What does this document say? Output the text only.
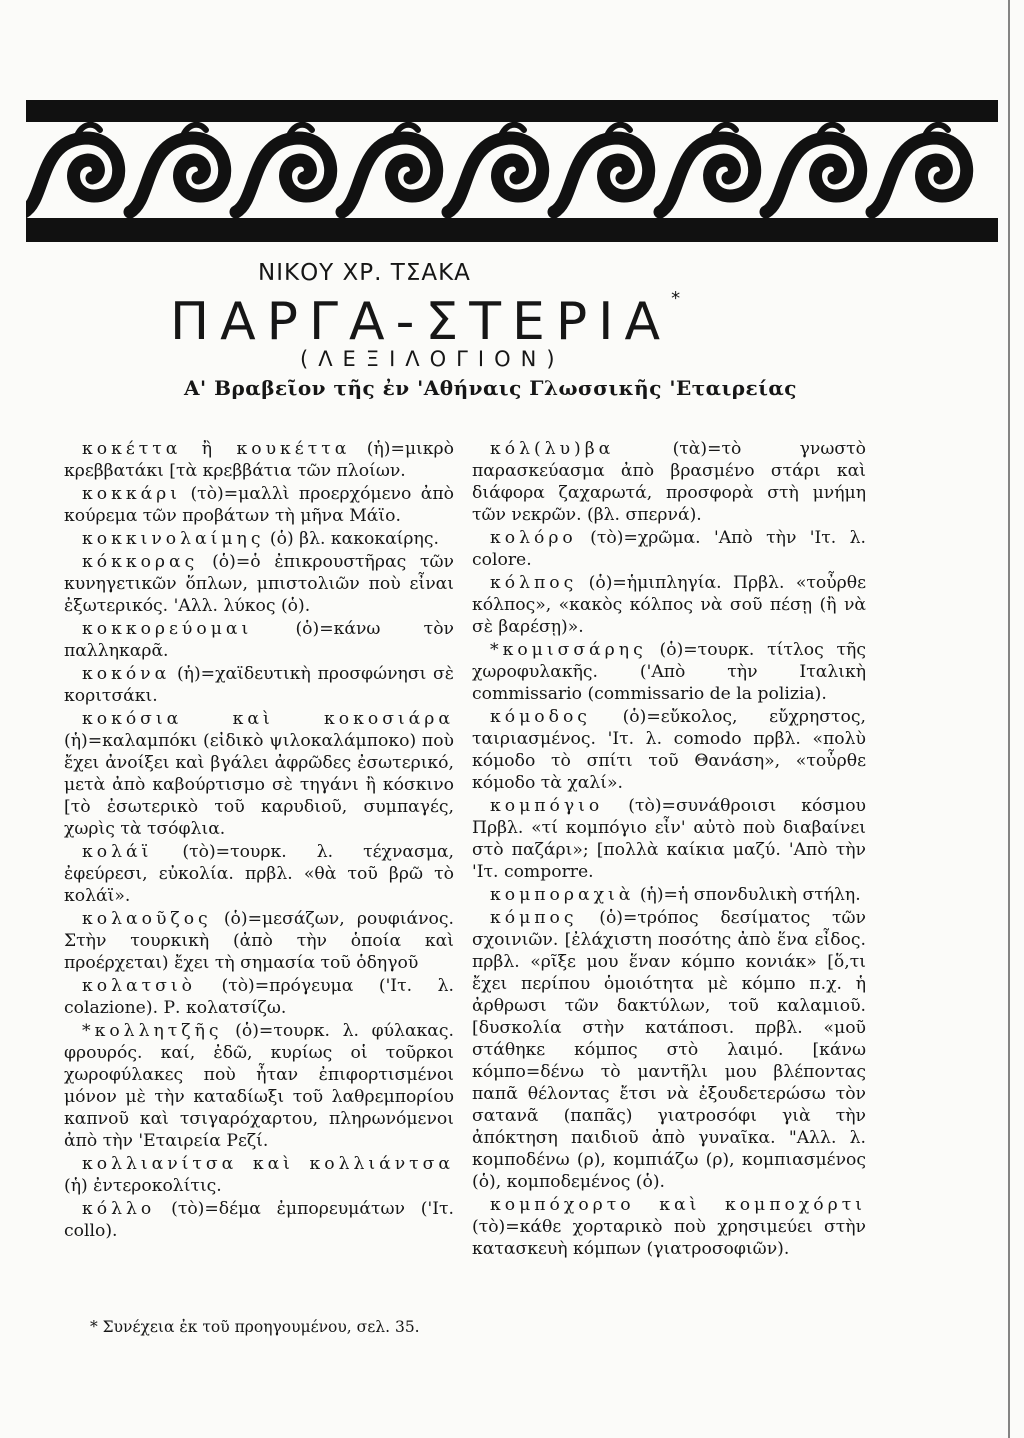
ΝΙΚΟΥ ΧΡ. ΤΣΑΚΑ
ΠΑΡΓΑ-ΣΤΕΡΙΑ*
(ΛΕΞΙΛΟΓΙΟΝ)
Α' Βραβεῖον τῆς ἐν 'Αθήναις Γλωσσικῆς 'Εταιρείας

κοκέττα ἢ κουκέττα (ἡ)=μικρὸ κρεββατάκι [τὰ κρεββάτια τῶν πλοίων.

κοκκάρι (τὸ)=μαλλὶ προερχόμενο ἀπὸ κούρεμα τῶν προβάτων τὴ μῆνα Μάϊο.

κοκκινολαίμης (ὁ) βλ. κακοκαίρης.

κόκκορας (ὁ)=ὁ ἐπικρουστῆρας τῶν κυνηγετικῶν ὅπλων, μπιστολιῶν ποὺ εἶναι ἐξωτερικός. 'Αλλ. λύκος (ὁ).

κοκκορεύομαι (ὁ)=κάνω τὸν παλληκαρᾶ.

κοκόνα (ἡ)=χαϊδευτικὴ προσφώνησι σὲ κοριτσάκι.

κοκόσια καὶ κοκοσιάρα (ἡ)=καλαμπόκι (εἰδικὸ ψιλοκαλάμποκο) ποὺ ἔχει ἀνοίξει καὶ βγάλει ἀφρῶδες ἐσωτερικό, μετὰ ἀπὸ καβούρτισμο σὲ τηγάνι ἢ κόσκινο [τὸ ἐσωτερικὸ τοῦ καρυδιοῦ, συμπαγές, χωρὶς τὰ τσόφλια.

κολάϊ (τὸ)=τουρκ. λ. τέχνασμα, ἐφεύρεσι, εὐκολία. πρβλ. «θὰ τοῦ βρῶ τὸ κολάϊ».

κολαοῦζος (ὁ)=μεσάζων, ρουφιάνος. Στὴν τουρκικὴ (ἀπὸ τὴν ὁποία καὶ προέρχεται) ἔχει τὴ σημασία τοῦ ὁδηγοῦ

κολατσιὸ (τὸ)=πρόγευμα ('Ιτ. λ. colazione). Ρ. κολατσίζω.

*κολλητζῆς (ὁ)=τουρκ. λ. φύλακας. φρουρός. καί, ἐδῶ, κυρίως οἱ τοῦρκοι χωροφύλακες ποὺ ἦταν ἐπιφορτισμένοι μόνον μὲ τὴν καταδίωξι τοῦ λαθρεμπορίου καπνοῦ καὶ τσιγαρόχαρτου, πληρωνόμενοι ἀπὸ τὴν 'Εταιρεία Ρεζί.

κολλιανίτσα καὶ κολλιάντσα (ἡ) ἐντερoκολίτις.

κόλλο (τὸ)=δέμα ἐμπορευμάτων ('Ιτ. collo).

κόλ(λυ)βα (τὰ)=τὸ γνωστὸ παρασκεύασμα ἀπὸ βρασμένο στάρι καὶ διάφορα ζαχαρωτά, προσφορὰ στὴ μνήμη τῶν νεκρῶν. (βλ. σπερνά).

κολόρο (τὸ)=χρῶμα. 'Απὸ τὴν 'Ιτ. λ. colore.

κόλπος (ὁ)=ἡμιπληγία. Πρβλ. «τοὖρθε κόλπος», «κακὸς κόλπος νὰ σοῦ πέσῃ (ἢ νὰ σὲ βαρέσῃ)».

*κομισσάρης (ὁ)=τουρκ. τίτλος τῆς χωροφυλακῆς. ('Απὸ τὴν Ιταλικὴ commissario (commissario de la polizia).

κόμοδος (ὁ)=εὔκολος, εὔχρηστος, ταιριασμένος. 'Ιτ. λ. comodo πρβλ. «πολὺ κόμοδο τὸ σπίτι τοῦ Θανάση», «τοὖρθε κόμοδο τὰ χαλί».

κομπόγιο (τὸ)=συνάθροισι κόσμου Πρβλ. «τί κομπόγιο εἶν' αὐτὸ ποὺ διαβαίνει στὸ παζάρι»; [πολλὰ καίκια μαζύ. 'Απὸ τὴν 'Ιτ. comporre.

κομποραχιὰ (ἡ)=ἡ σπονδυλικὴ στήλη.

κόμπος (ὁ)=τρόπος δεσίματος τῶν σχοινιῶν. [ἐλάχιστη ποσότης ἀπὸ ἕνα εἶδος. πρβλ. «ρῖξε μου ἕναν κόμπο κονιάκ» [ὅ,τι ἔχει περίπου ὁμοιότητα μὲ κόμπο π.χ. ἡ ἀρθρωσι τῶν δακτύλων, τοῦ καλαμιοῦ. [δυσκολία στὴν κατάποσι. πρβλ. «μοῦ στάθηκε κόμπος στὸ λαιμό. [κάνω κόμπο=δένω τὸ μαντῆλι μου βλέποντας παπᾶ θέλοντας ἔτσι νὰ ἐξουδετερώσω τὸν σατανᾶ (παπᾶς) γιατροσόφι γιὰ τὴν ἀπόκτηση παιδιοῦ ἀπὸ γυναῖκα. "Αλλ. λ. κομποδένω (ρ), κομπιάζω (ρ), κομπιασμένος (ὁ), κομποδεμένος (ὁ).

κομπόχορτο καὶ κομποχόρτι (τὸ)=κάθε χορταρικὸ ποὺ χρησιμεύει στὴν κατασκευὴ κόμπων (γιατροσοφιῶν).

* Συνέχεια ἐκ τοῦ προηγουμένου, σελ. 35.
